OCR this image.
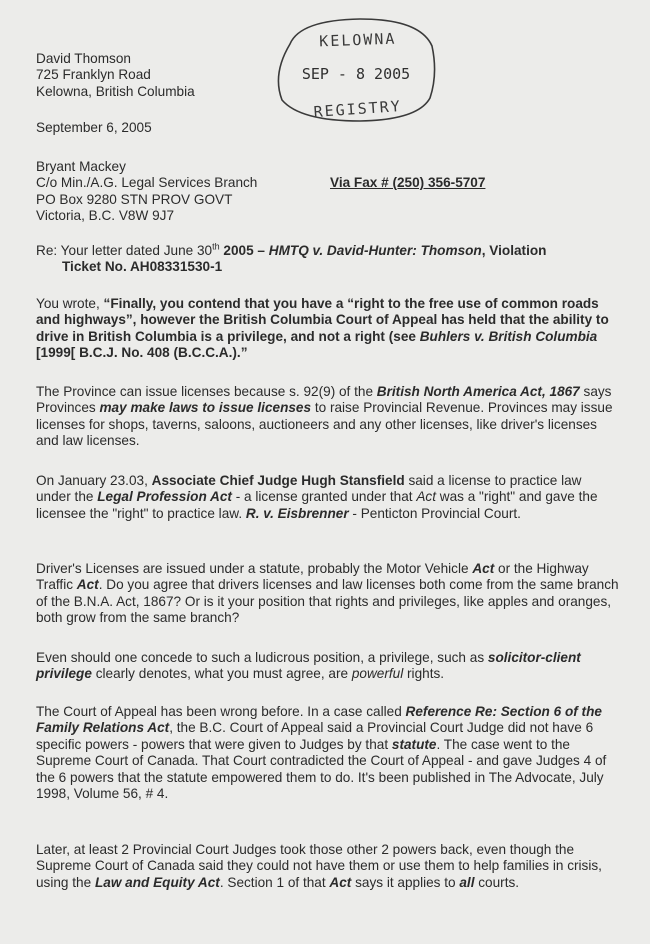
David Thomson
725 Franklyn Road
Kelowna, British Columbia
KELOWNA
SEP - 8 2005
REGISTRY
September 6, 2005
Bryant Mackey
C/o Min./A.G. Legal Services Branch
PO Box 9280 STN PROV GOVT
Victoria, B.C. V8W 9J7
Via Fax # (250) 356-5707
Re: Your letter dated June 30th 2005 – HMTQ v. David-Hunter: Thomson, Violation
Ticket No. AH08331530-1

You wrote, “Finally, you contend that you have a “right to the free use of common roads and highways”, however the British Columbia Court of Appeal has held that the ability to drive in British Columbia is a privilege, and not a right (see Buhlers v. British Columbia [1999[ B.C.J. No. 408 (B.C.C.A.).”

The Province can issue licenses because s. 92(9) of the British North America Act, 1867 says Provinces may make laws to issue licenses to raise Provincial Revenue. Provinces may issue licenses for shops, taverns, saloons, auctioneers and any other licenses, like driver's licenses and law licenses.

On January 23.03, Associate Chief Judge Hugh Stansfield said a license to practice law under the Legal Profession Act - a license granted under that Act was a "right" and gave the licensee the "right" to practice law. R. v. Eisbrenner - Penticton Provincial Court.

Driver's Licenses are issued under a statute, probably the Motor Vehicle Act or the Highway Traffic Act. Do you agree that drivers licenses and law licenses both come from the same branch of the B.N.A. Act, 1867? Or is it your position that rights and privileges, like apples and oranges, both grow from the same branch?

Even should one concede to such a ludicrous position, a privilege, such as solicitor-client privilege clearly denotes, what you must agree, are powerful rights.

The Court of Appeal has been wrong before. In a case called Reference Re: Section 6 of the Family Relations Act, the B.C. Court of Appeal said a Provincial Court Judge did not have 6 specific powers - powers that were given to Judges by that statute. The case went to the Supreme Court of Canada. That Court contradicted the Court of Appeal - and gave Judges 4 of the 6 powers that the statute empowered them to do. It's been published in The Advocate, July 1998, Volume 56, # 4.

Later, at least 2 Provincial Court Judges took those other 2 powers back, even though the Supreme Court of Canada said they could not have them or use them to help families in crisis, using the Law and Equity Act. Section 1 of that Act says it applies to all courts.
